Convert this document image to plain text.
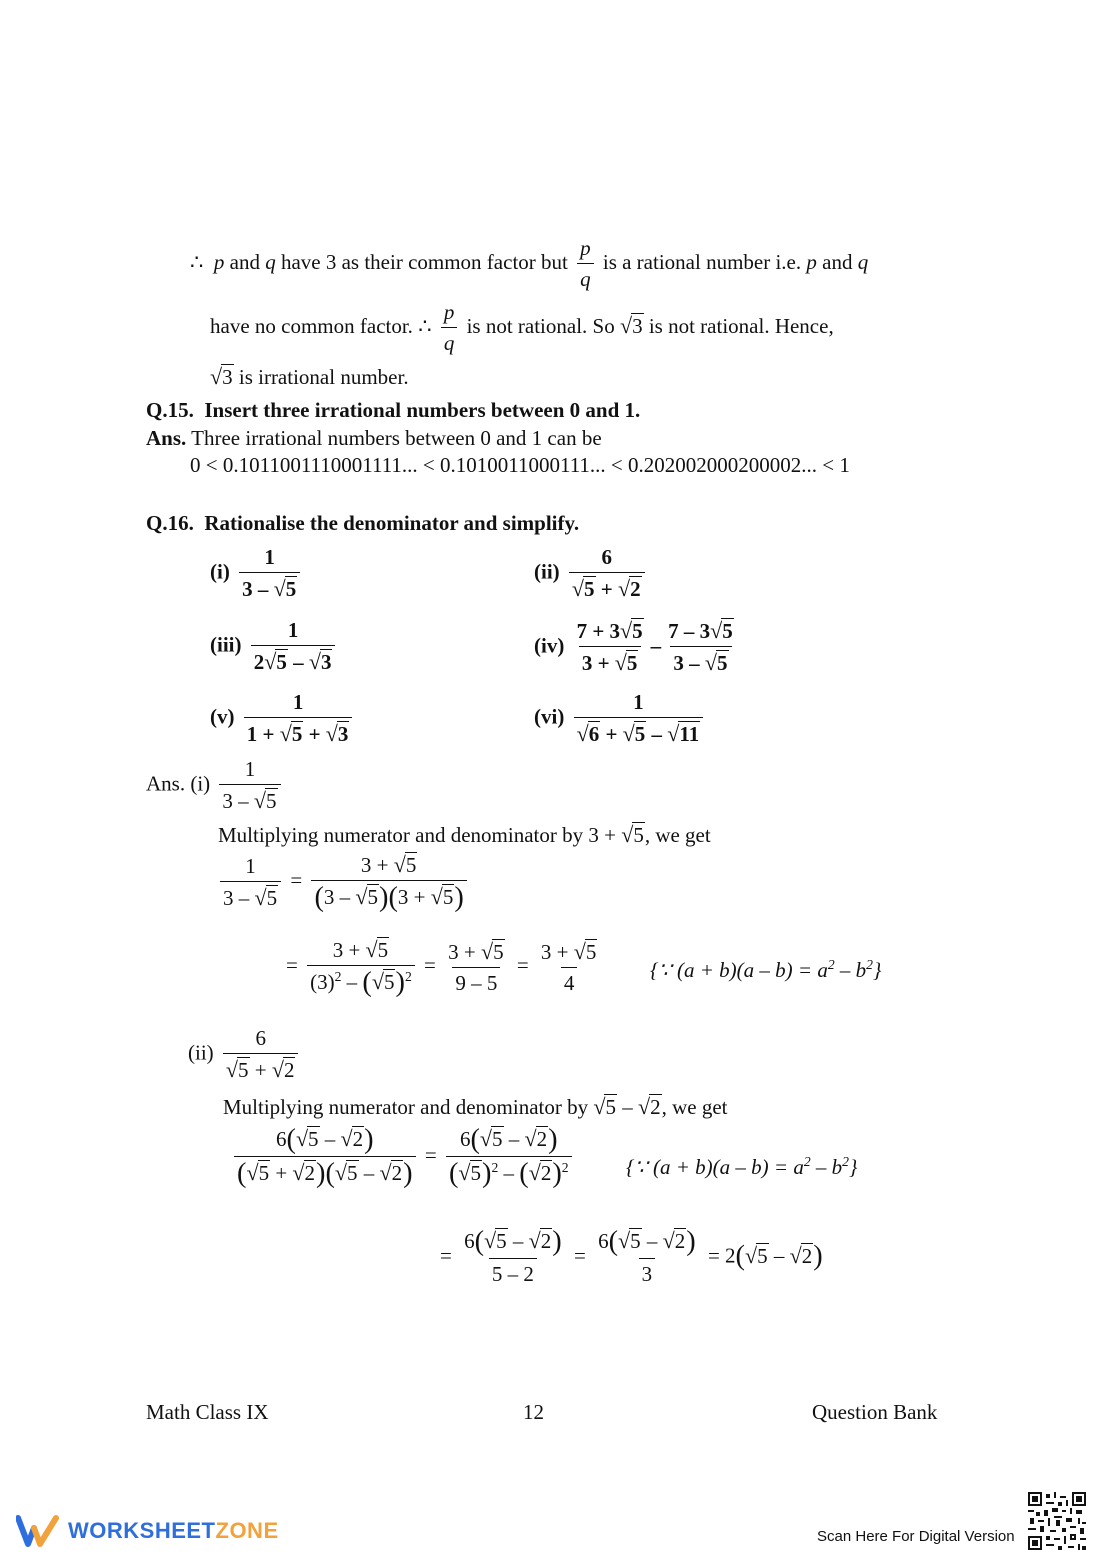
∴ p and q have 3 as their common factor but $\frac{p}{q}$ is a rational number i.e. p and q
have no common factor. ∴ $\frac{p}{q}$ is not rational. So √3 is not rational. Hence,
√3 is irrational number.
Q.15. Insert three irrational numbers between 0 and 1.
Ans. Three irrational numbers between 0 and 1 can be
0 < 0.1011001110001111... < 0.1010011000111... < 0.202002000200002... < 1
Q.16. Rationalise the denominator and simplify.
$(i) \frac{1}{3 - √5}$	$(ii) \frac{6}{√5 + √2}$
$(iii) \frac{1}{2√5 - √3}$	$(iv) \frac{7 + 3√5}{3 + √5} - \frac{7 - 3√5}{3 - √5}$
$(v) \frac{1}{1 + √5 + √3}$	$(vi) \frac{1}{√6 + √5 - √11}$
Ans. $(i) \frac{1}{3 - √5}$
Multiplying numerator and denominator by 3 + √5, we get
$\frac{1}{3 - √5} = \frac{3 + √5}{(3 - √5)(3 + √5)}$
= $\frac{3 + √5}{(3)^2 - (√5)^2} = \frac{3 + √5}{9 - 5} = \frac{3 + √5}{4}$ {∵ $(a + b)(a - b) = a^2 - b^2$}
$(ii) \frac{6}{√5 + √2}$
Multiplying numerator and denominator by √5 – √2, we get
$\frac{6(√5 - √2)}{(√5 + √2)(√5 - √2)} = \frac{6(√5 - √2)}{(√5)^2 - (√2)^2}$	{∵ $(a + b)(a - b) = a^2 - b^2$}
= $\frac{6(√5 - √2)}{5 - 2} = \frac{6(√5 - √2)}{3} = 2(√5 - √2)$
Math Class IX	12	Question Bank
WORKSHEETZONE	Scan Here For Digital Version
